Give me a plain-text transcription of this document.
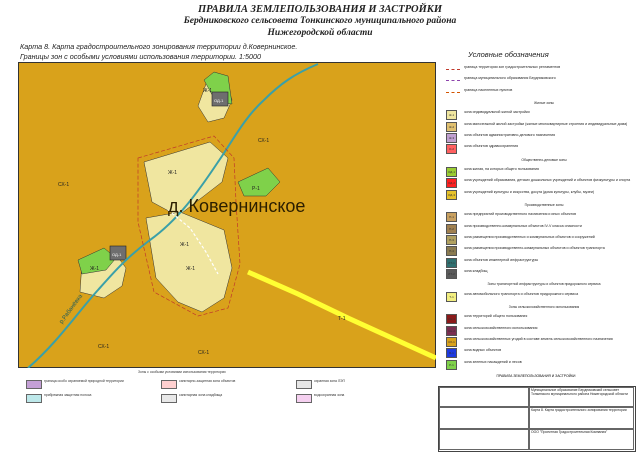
ПРАВИЛА ЗЕМЛЕПОЛЬЗОВАНИЯ И ЗАСТРОЙКИ
Бердниковского сельсовета Тонкинского муниципального района
Нижегородской области
Карта 8. Карта градостроительного зонирования территории д.Ковернинское.
Границы зон с особыми условиями использования территории. 1:5000
д. Ковернинское
р.Рабанёвка
Ж-1
Ж-1
Ж-1
Ж-1	Ж-1
ОД-1
ОД-1
СХ-1
СХ-1
СХ-1
СХ-1
Р-1
Т-1
Условные обозначения
граница территории зон градостроительных регламентов
граница муниципального образования Бердниковского
граница населенных пунктов
Жилые зоны
Ж-1
зона индивидуальной жилой застройки
Ж-2
зона малоэтажной жилой застройки (жилые многоквартирные строения и индивидуальные дома)
Ж-3
зона объектов административно-делового назначения
О-2
зона объектов здравоохранения
Общественно-деловые зоны
ОД-1
зона жилая, на которых общего пользования
ОД-2
зона учреждений образования, детских дошкольных учреждений и объектов физкультуры и спорта
ОД-3
зона учреждений культуры и искусства, досуга (дома культуры, клубы, музеи)
Производственные зоны
П-1
зона предприятий производственного назначения и иных объектов
П-2
зона производственно-коммунальных объектов IV-V класса опасности
П-3
зона размещения производственных и коммунальных объектов и сооружений
П-4
зона размещения производственно-коммунальных объектов и объектов транспорта
ИТ-1
зона объектов инженерной инфраструктуры
ИТ-2
зона кладбищ
Зоны транспортной инфраструктуры и объектов придорожного сервиса
Т-1
зона автомобильного транспорта и объектов придорожного сервиса
Зоны сельскохозяйственного использования
СН-1
зона территорий общего пользования
СН-2
зона сельскохозяйственного использования
СХ-1
зона сельскохозяйственных угодий в составе земель сельскохозяйственного назначения
В-1
зона водных объектов
Р-1
зона зеленых насаждений и лесов
Зоны с особыми условиями использования территории
граница особо охраняемой природной территории	санитарно-защитная зона объектов	охранная зона ЛЭП
прибрежная защитная полоса	санитарная зона кладбища	водоохранная зона
ПРАВИЛА ЗЕМЛЕПОЛЬЗОВАНИЯ И ЗАСТРОЙКИ
Муниципальное образование Бердниковский сельсовет Тонкинского муниципального района Нижегородской области
Карта 8. Карта градостроительного зонирования территории
ООО "Проектная Градостроительная Компания"
